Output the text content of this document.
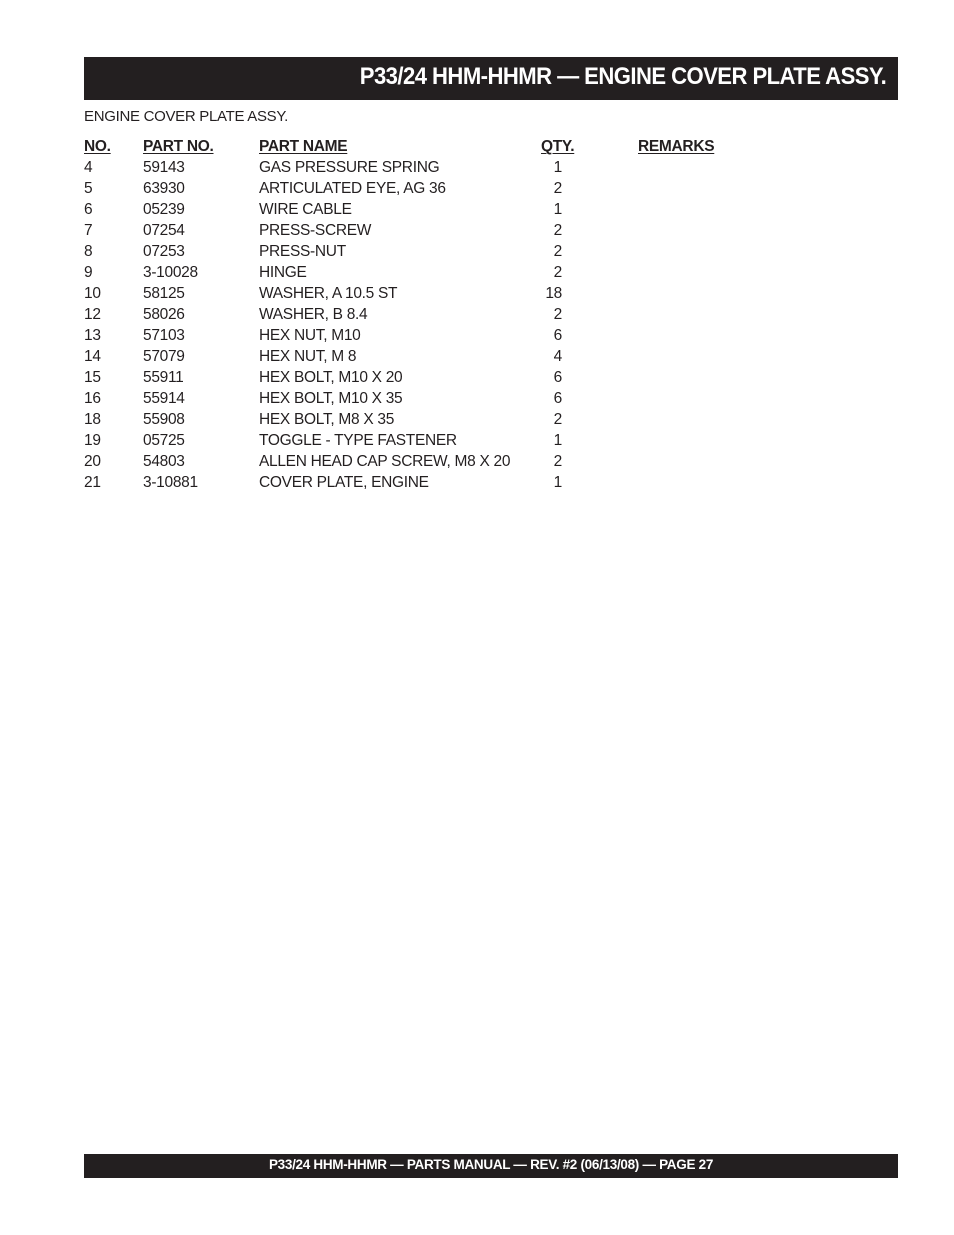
P33/24 HHM-HHMR — ENGINE COVER PLATE ASSY.
ENGINE COVER PLATE ASSY.
NO. PART NO.	PART NAME	QTY.	REMARKS
4	59143	GAS PRESSURE SPRING	1
5	63930	ARTICULATED EYE, AG 36	2
6	05239	WIRE CABLE	1
7	07254	PRESS-SCREW	2
8	07253	PRESS-NUT	2
9	3-10028	HINGE	2
10	58125	WASHER, A 10.5 ST	18
12	58026	WASHER, B 8.4	2
13	57103	HEX NUT, M10	6
14	57079	HEX NUT, M 8	4
15	55911	HEX BOLT, M10 X 20	6
16	55914	HEX BOLT, M10 X 35	6
18	55908	HEX BOLT, M8 X 35	2
19	05725	TOGGLE - TYPE FASTENER	1
20	54803	ALLEN HEAD CAP SCREW, M8 X 20	2
21	3-10881	COVER PLATE, ENGINE	1
P33/24 HHM-HHMR — PARTS MANUAL — REV. #2 (06/13/08) — PAGE 27
